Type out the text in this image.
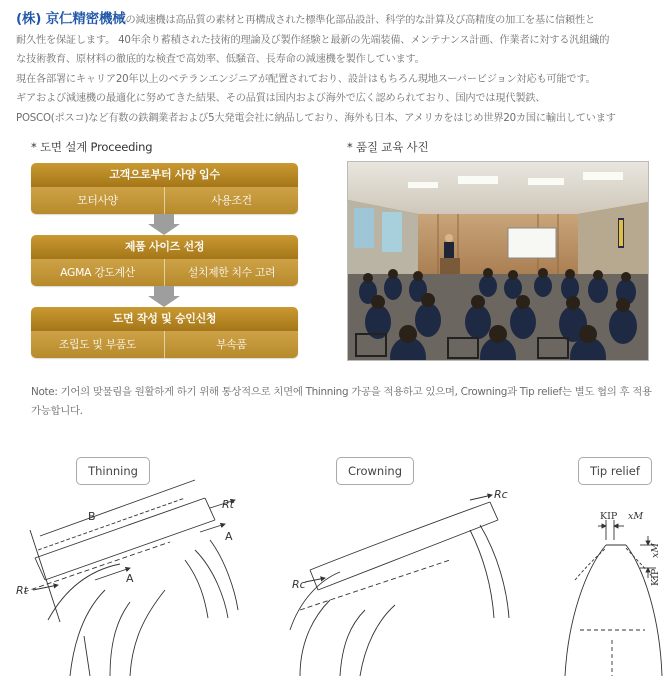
(株) 京仁精密機械の減速機は高品質の素材と再構成された標準化部品設計、科学的な計算及び高精度の加工を基に信頼性と

耐久性を保証します。 40年余り蓄積された技術的理論及び製作経験と最新の先端装備、メンテナンス計画、作業者に対する汎組織的

な技術教育、原材料の徹底的な検査で高効率、低騒音、長寿命の減速機を製作しています。

現在各部署にキャリア20年以上のベテランエンジニアが配置されており、設計はもちろん現地スーパービジョン対応も可能です。

ギアおよび減速機の最適化に努めてきた結果、その品質は国内および海外で広く認められており、国内では現代製鉄、

POSCO(ポスコ)など有数の鉄鋼業者および5大発電会社に納品しており、海外も日本、アメリカをはじめ世界20カ国に輸出しています

* 도면 설계 Proceeding	* 품질 교육 사진
고객으로부터 사양 입수
모터사양	사용조건
제품 사이즈 선정
AGMA 강도계산	설치제한 치수 고려
도면 작성 및 승인신청
조립도 및 부품도	부속품
Note: 기어의 맞물림을 원활하게 하기 위해 통상적으로 치면에 Thinning 가공을 적용하고 있으며, Crowning과 Tip relief는 별도 협의 후 적용가능합니다.
Thinning	Crowning	Tip relief
B
Rt
Rt
A
A
Rc
Rc
KIP xM
KIP
xM
